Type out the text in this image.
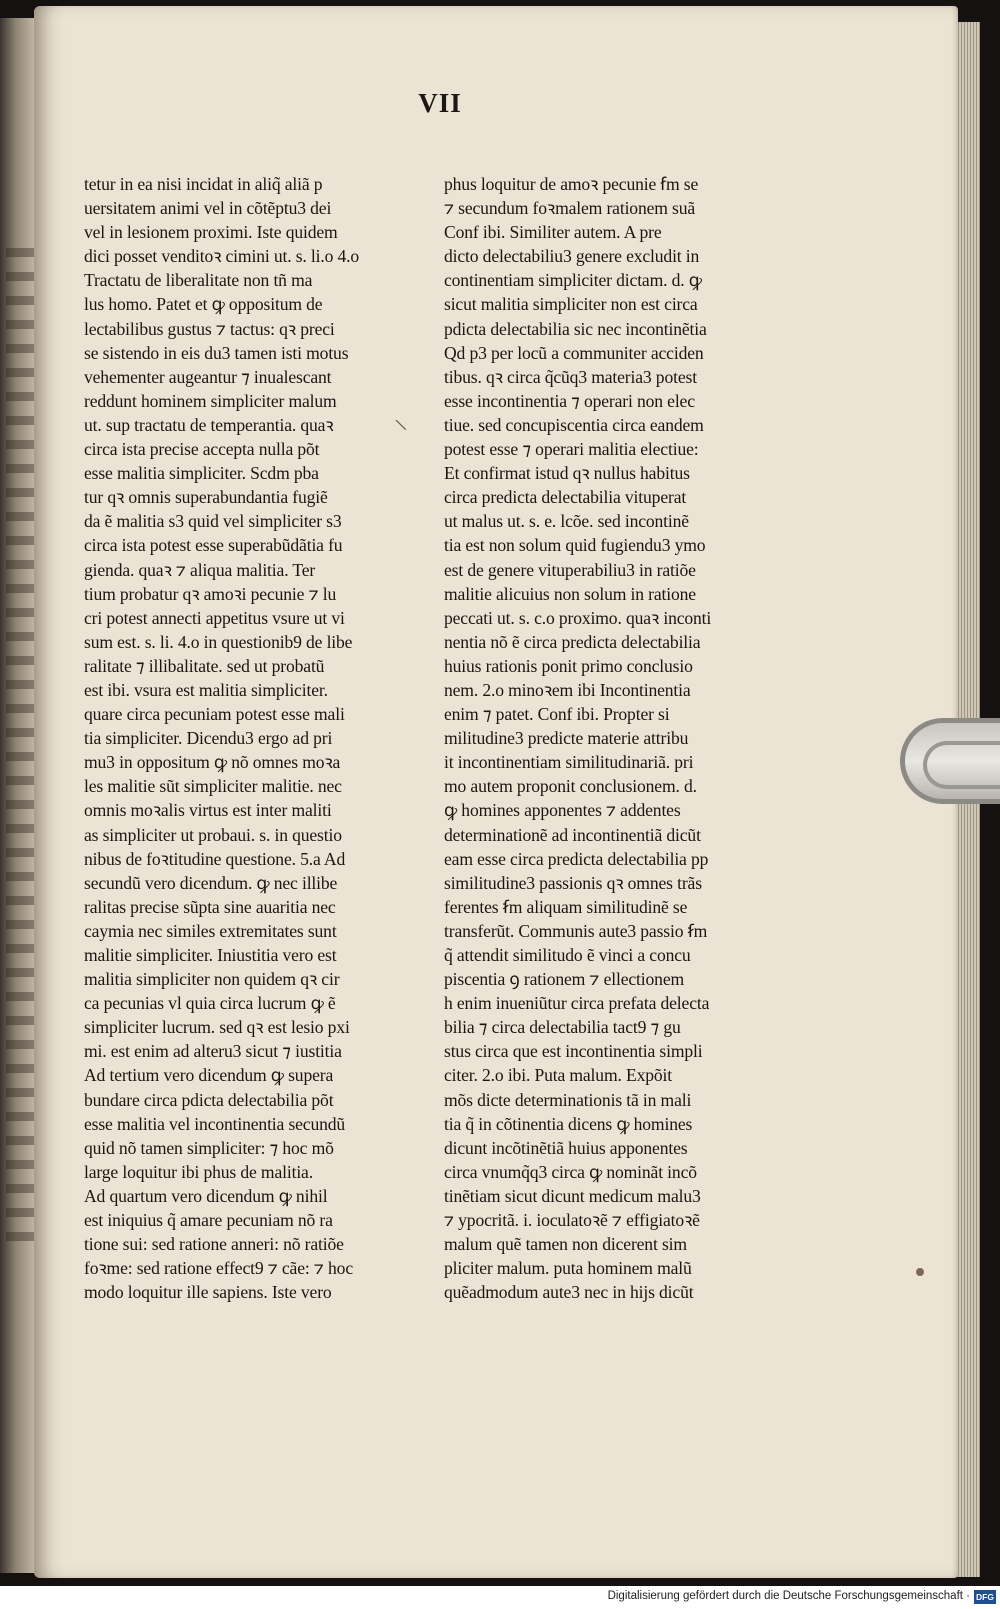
VII
tetur in ea nisi incidat in aliq̃ aliã p
uersitatem animi vel in cõtẽptu3 dei
vel in lesionem proximi. Iste quidem
dici posset venditoꝛ cimini ut. s. li.o 4.o
Tractatu de liberalitate non tñ ma
lus homo. Patet et ꝙ oppositum de
lectabilibus gustus ⁊ tactus: qꝛ preci
se sistendo in eis du3 tamen isti motus
vehementer augeantur ⁊ inualescant
reddunt hominem simpliciter malum
ut. sup tractatu de temperantia. quaꝛ
circa ista precise accepta nulla põt
esse malitia simpliciter. Scdm pba
tur qꝛ omnis superabundantia fugiẽ
da ẽ malitia s3 quid vel simpliciter s3
circa ista potest esse superabũdãtia fu
gienda. quaꝛ ⁊ aliqua malitia. Ter
tium probatur qꝛ amoꝛi pecunie ⁊ lu
cri potest annecti appetitus vsure ut vi
sum est. s. li. 4.o in questionib9 de libe
ralitate ⁊ illibalitate. sed ut probatũ
est ibi. vsura est malitia simpliciter.
quare circa pecuniam potest esse mali
tia simpliciter. Dicendu3 ergo ad pri
mu3 in oppositum ꝙ nõ omnes moꝛa
les malitie sũt simpliciter malitie. nec
omnis moꝛalis virtus est inter maliti
as simpliciter ut probaui. s. in questio
nibus de foꝛtitudine questione. 5.a Ad
secundũ vero dicendum. ꝙ nec illibe
ralitas precise sũpta sine auaritia nec
caymia nec similes extremitates sunt
malitie simpliciter. Iniustitia vero est
malitia simpliciter non quidem qꝛ cir
ca pecunias vl quia circa lucrum ꝙ ẽ
simpliciter lucrum. sed qꝛ est lesio pxi
mi. est enim ad alteru3 sicut ⁊ iustitia
Ad tertium vero dicendum ꝙ supera
bundare circa pdicta delectabilia põt
esse malitia vel incontinentia secundũ
quid nõ tamen simpliciter: ⁊ hoc mõ
large loquitur ibi phus de malitia.
Ad quartum vero dicendum ꝙ nihil
est iniquius q̃ amare pecuniam nõ ra
tione sui: sed ratione anneri: nõ ratiõe
foꝛme: sed ratione effect9 ⁊ cãe: ⁊ hoc
modo loquitur ille sapiens. Iste vero
phus loquitur de amoꝛ pecunie ẜm se
⁊ secundum foꝛmalem rationem suã
Conf ibi. Similiter autem. A pre
dicto delectabiliu3 genere excludit in
continentiam simpliciter dictam. d. ꝙ
sicut malitia simpliciter non est circa
pdicta delectabilia sic nec incontinẽtia
Qd p3 per locũ a communiter acciden
tibus. qꝛ circa q̃cũq3 materia3 potest
esse incontinentia ⁊ operari non elec
tiue. sed concupiscentia circa eandem
potest esse ⁊ operari malitia electiue:
Et confirmat istud qꝛ nullus habitus
circa predicta delectabilia vituperat
ut malus ut. s. e. lcõe. sed incontinẽ
tia est non solum quid fugiendu3 ymo
est de genere vituperabiliu3 in ratiõe
malitie alicuius non solum in ratione
peccati ut. s. c.o proximo. quaꝛ inconti
nentia nõ ẽ circa predicta delectabilia
huius rationis ponit primo conclusio
nem. 2.o minoꝛem ibi Incontinentia
enim ⁊ patet. Conf ibi. Propter si
militudine3 predicte materie attribu
it incontinentiam similitudinariã. pri
mo autem proponit conclusionem. d.
ꝙ homines apponentes ⁊ addentes
determinationẽ ad incontinentiã dicũt
eam esse circa predicta delectabilia pp
similitudine3 passionis qꝛ omnes trãs
ferentes ẜm aliquam similitudinẽ se
transferũt. Communis aute3 passio ẜm
q̃ attendit similitudo ẽ vinci a concu
piscentia ꝯ rationem ⁊ ellectionem
h enim inueniũtur circa prefata delecta
bilia ⁊ circa delectabilia tact9 ⁊ gu
stus circa que est incontinentia simpli
citer. 2.o ibi. Puta malum. Expõit
mõs dicte determinationis tã in mali
tia q̃ in cõtinentia dicens ꝙ homines
dicunt incõtinẽtiã huius apponentes
circa vnumq̃q3 circa ꝙ nominãt incõ
tinẽtiam sicut dicunt medicum malu3
⁊ ypocritã. i. ioculatoꝛẽ ⁊ effigiatoꝛẽ
malum quẽ tamen non dicerent sim
pliciter malum. puta hominem malũ
quẽadmodum aute3 nec in hijs dicũt
\
Digitalisierung gefördert durch die Deutsche Forschungsgemeinschaft · DFG
